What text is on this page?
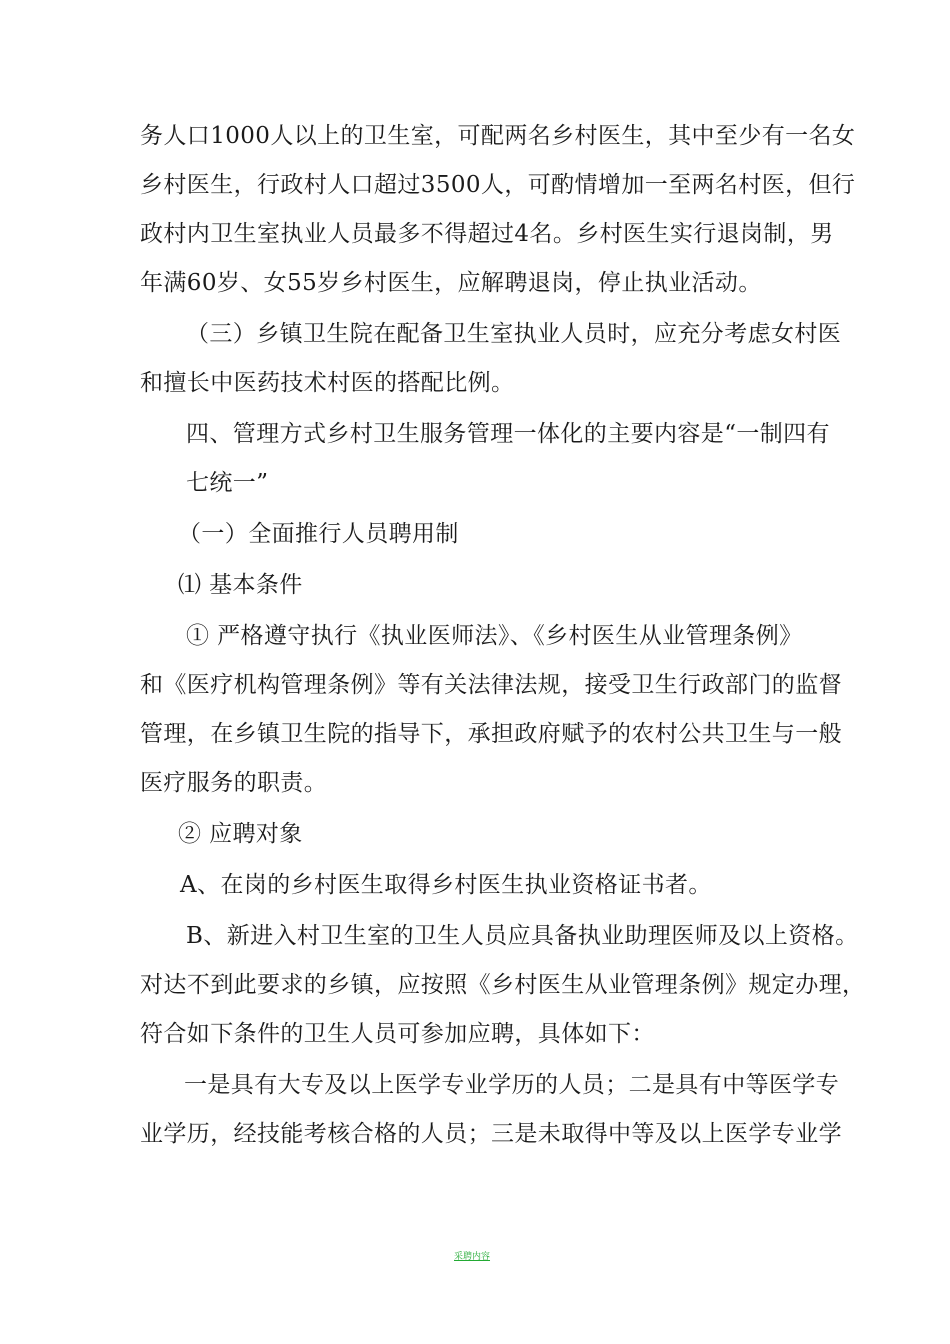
务人口1000人以上的卫生室，可配两名乡村医生，其中至少有一名女
乡村医生，行政村人口超过3500人，可酌情增加一至两名村医，但行
政村内卫生室执业人员最多不得超过4名。乡村医生实行退岗制，男
年满60岁、女55岁乡村医生，应解聘退岗，停止执业活动。
（三）乡镇卫生院在配备卫生室执业人员时，应充分考虑女村医
和擅长中医药技术村医的搭配比例。
四、管理方式乡村卫生服务管理一体化的主要内容是“一制四有
七统一”
（一）全面推行人员聘用制
⑴ 基本条件
① 严格遵守执行《执业医师法》、《乡村医生从业管理条例》
和《医疗机构管理条例》等有关法律法规，接受卫生行政部门的监督
管理，在乡镇卫生院的指导下，承担政府赋予的农村公共卫生与一般
医疗服务的职责。
② 应聘对象
A、在岗的乡村医生取得乡村医生执业资格证书者。
B、新进入村卫生室的卫生人员应具备执业助理医师及以上资格。
对达不到此要求的乡镇，应按照《乡村医生从业管理条例》规定办理，
符合如下条件的卫生人员可参加应聘，具体如下：
一是具有大专及以上医学专业学历的人员；二是具有中等医学专
业学历，经技能考核合格的人员；三是未取得中等及以上医学专业学
采聘内容
